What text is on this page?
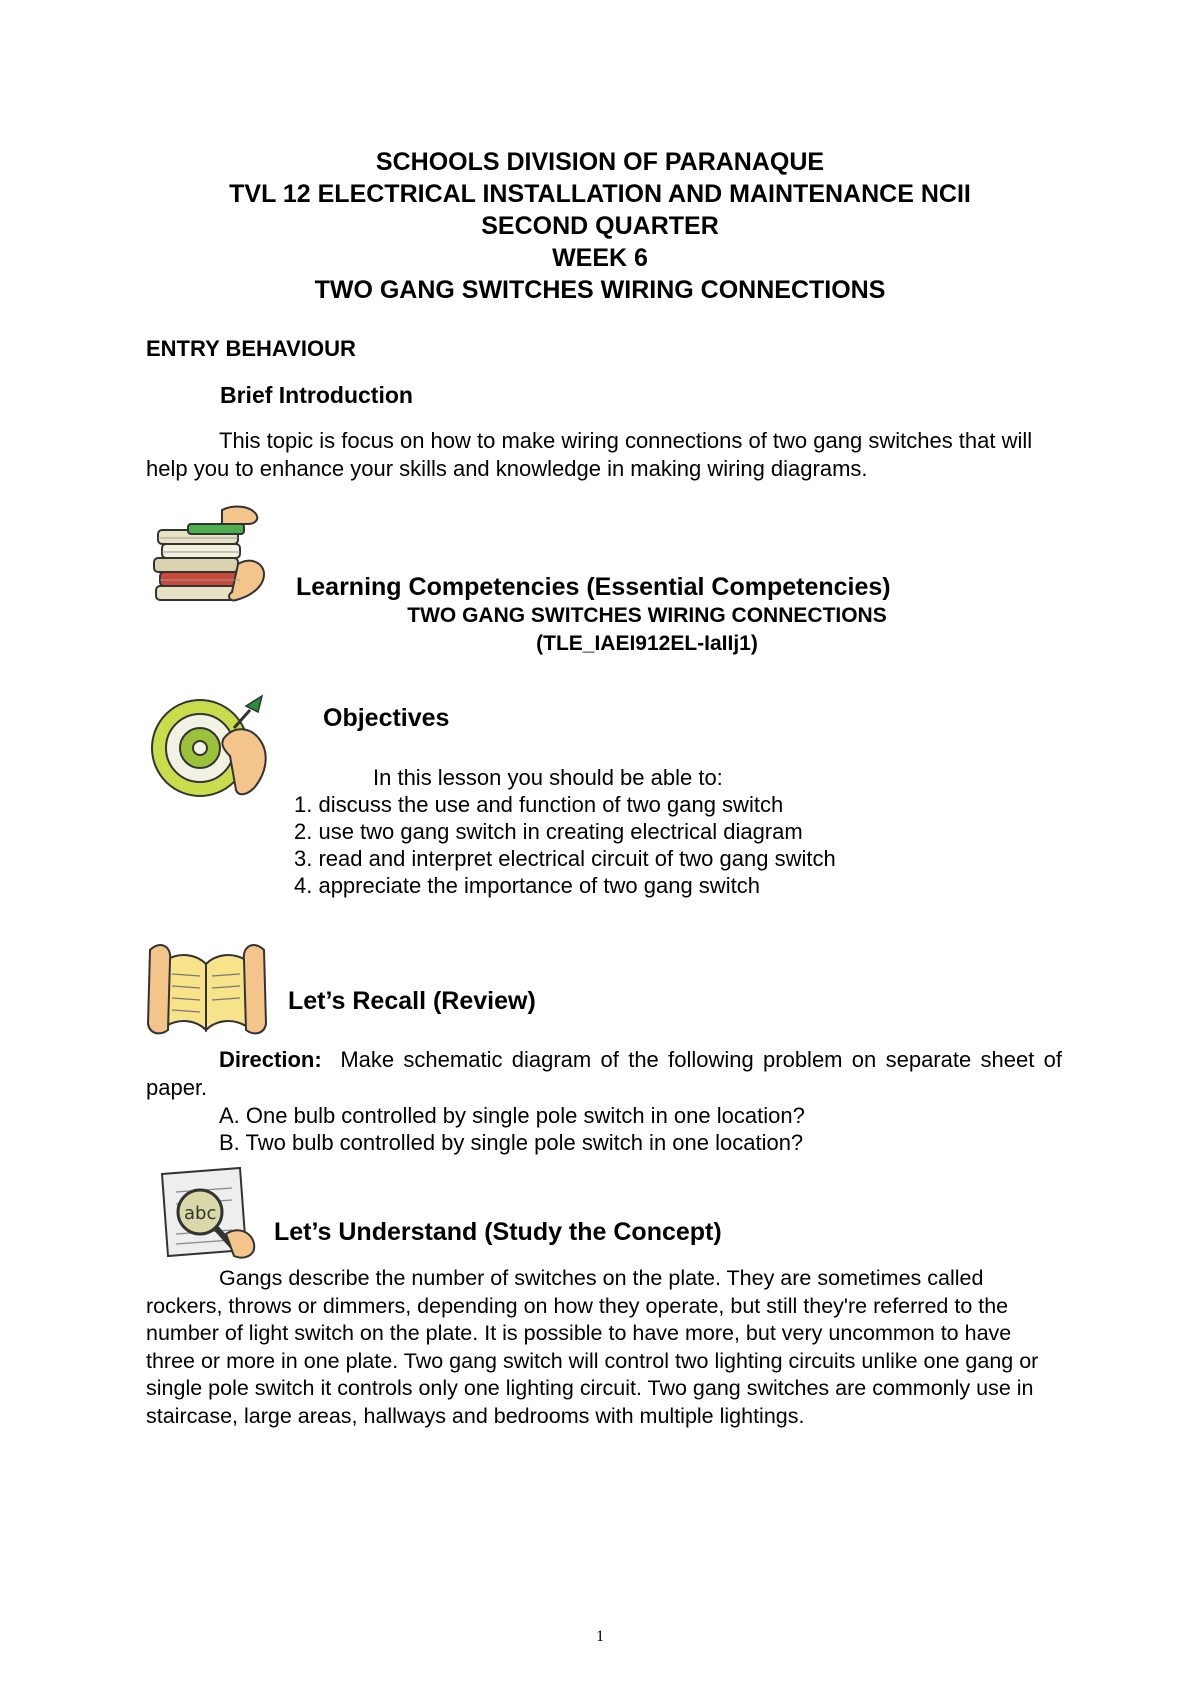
SCHOOLS DIVISION OF PARANAQUE
TVL 12 ELECTRICAL INSTALLATION AND MAINTENANCE NCII
SECOND QUARTER
WEEK 6
TWO GANG SWITCHES WIRING CONNECTIONS
ENTRY BEHAVIOUR
Brief Introduction
This topic is focus on how to make wiring connections of two gang switches that will help you to enhance your skills and knowledge in making wiring diagrams.
Learning Competencies (Essential Competencies)
TWO GANG SWITCHES WIRING CONNECTIONS
(TLE_IAEI912EL-IaIIj1)
Objectives
In this lesson you should be able to:
1. discuss the use and function of two gang switch
2. use two gang switch in creating electrical diagram
3. read and interpret electrical circuit of two gang switch
4. appreciate the importance of two gang switch
Let’s Recall (Review)
Direction: Make schematic diagram of the following problem on separate sheet of paper.
A. One bulb controlled by single pole switch in one location?
B. Two bulb controlled by single pole switch in one location?
abc
Let’s Understand (Study the Concept)
Gangs describe the number of switches on the plate. They are sometimes called rockers, throws or dimmers, depending on how they operate, but still they're referred to the number of light switch on the plate. It is possible to have more, but very uncommon to have three or more in one plate. Two gang switch will control two lighting circuits unlike one gang or single pole switch it controls only one lighting circuit. Two gang switches are commonly use in staircase, large areas, hallways and bedrooms with multiple lightings.
1
